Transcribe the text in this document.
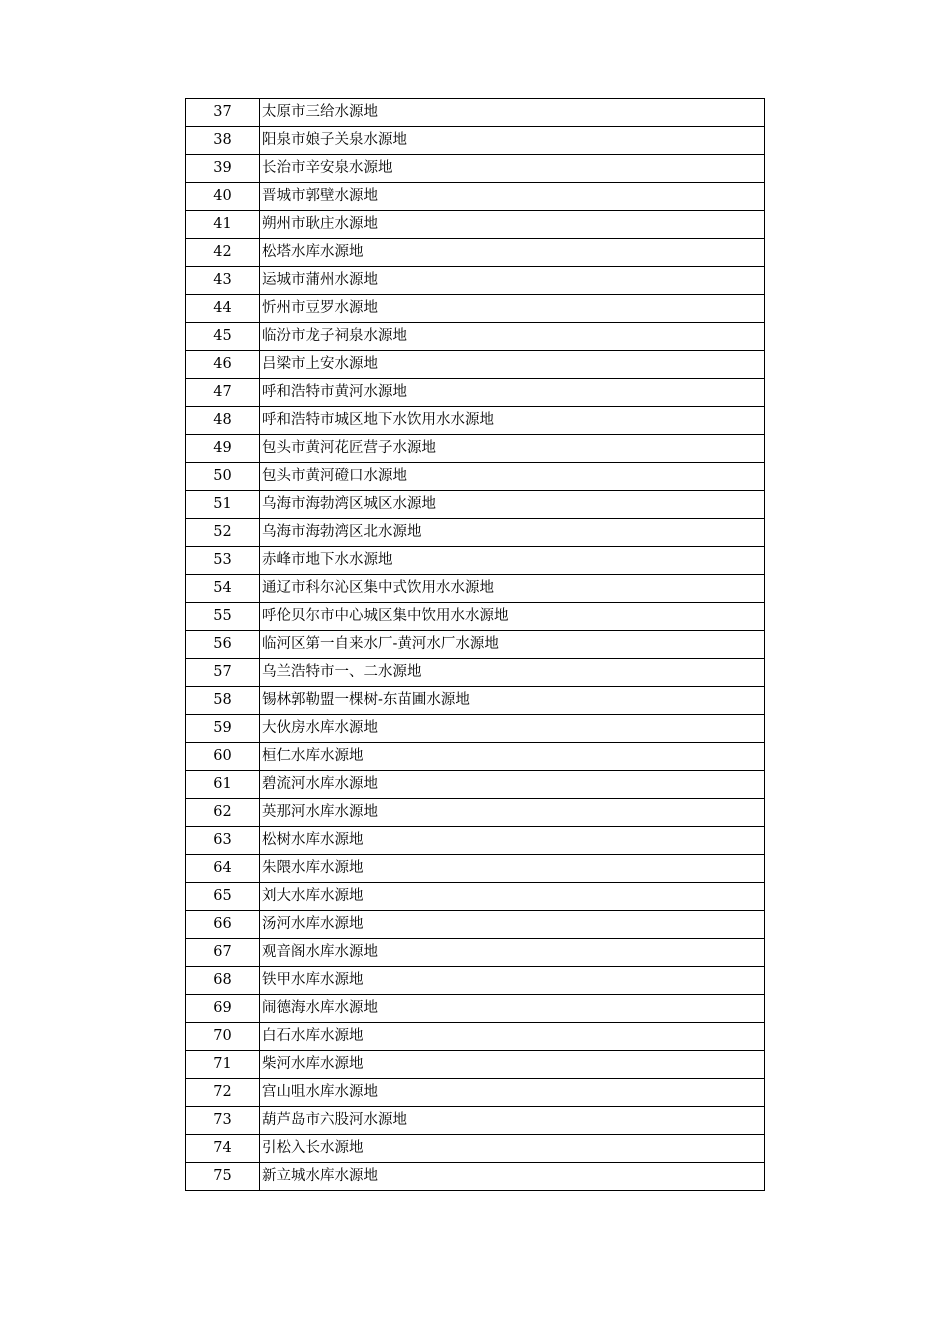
37	太原市三给水源地
38	阳泉市娘子关泉水源地
39	长治市辛安泉水源地
40	晋城市郭壁水源地
41	朔州市耿庄水源地
42	松塔水库水源地
43	运城市蒲州水源地
44	忻州市豆罗水源地
45	临汾市龙子祠泉水源地
46	吕梁市上安水源地
47	呼和浩特市黄河水源地
48	呼和浩特市城区地下水饮用水水源地
49	包头市黄河花匠营子水源地
50	包头市黄河磴口水源地
51	乌海市海勃湾区城区水源地
52	乌海市海勃湾区北水源地
53	赤峰市地下水水源地
54	通辽市科尔沁区集中式饮用水水源地
55	呼伦贝尔市中心城区集中饮用水水源地
56	临河区第一自来水厂-黄河水厂水源地
57	乌兰浩特市一、二水源地
58	锡林郭勒盟一棵树-东苗圃水源地
59	大伙房水库水源地
60	桓仁水库水源地
61	碧流河水库水源地
62	英那河水库水源地
63	松树水库水源地
64	朱隈水库水源地
65	刘大水库水源地
66	汤河水库水源地
67	观音阁水库水源地
68	铁甲水库水源地
69	闹德海水库水源地
70	白石水库水源地
71	柴河水库水源地
72	宫山咀水库水源地
73	葫芦岛市六股河水源地
74	引松入长水源地
75	新立城水库水源地
